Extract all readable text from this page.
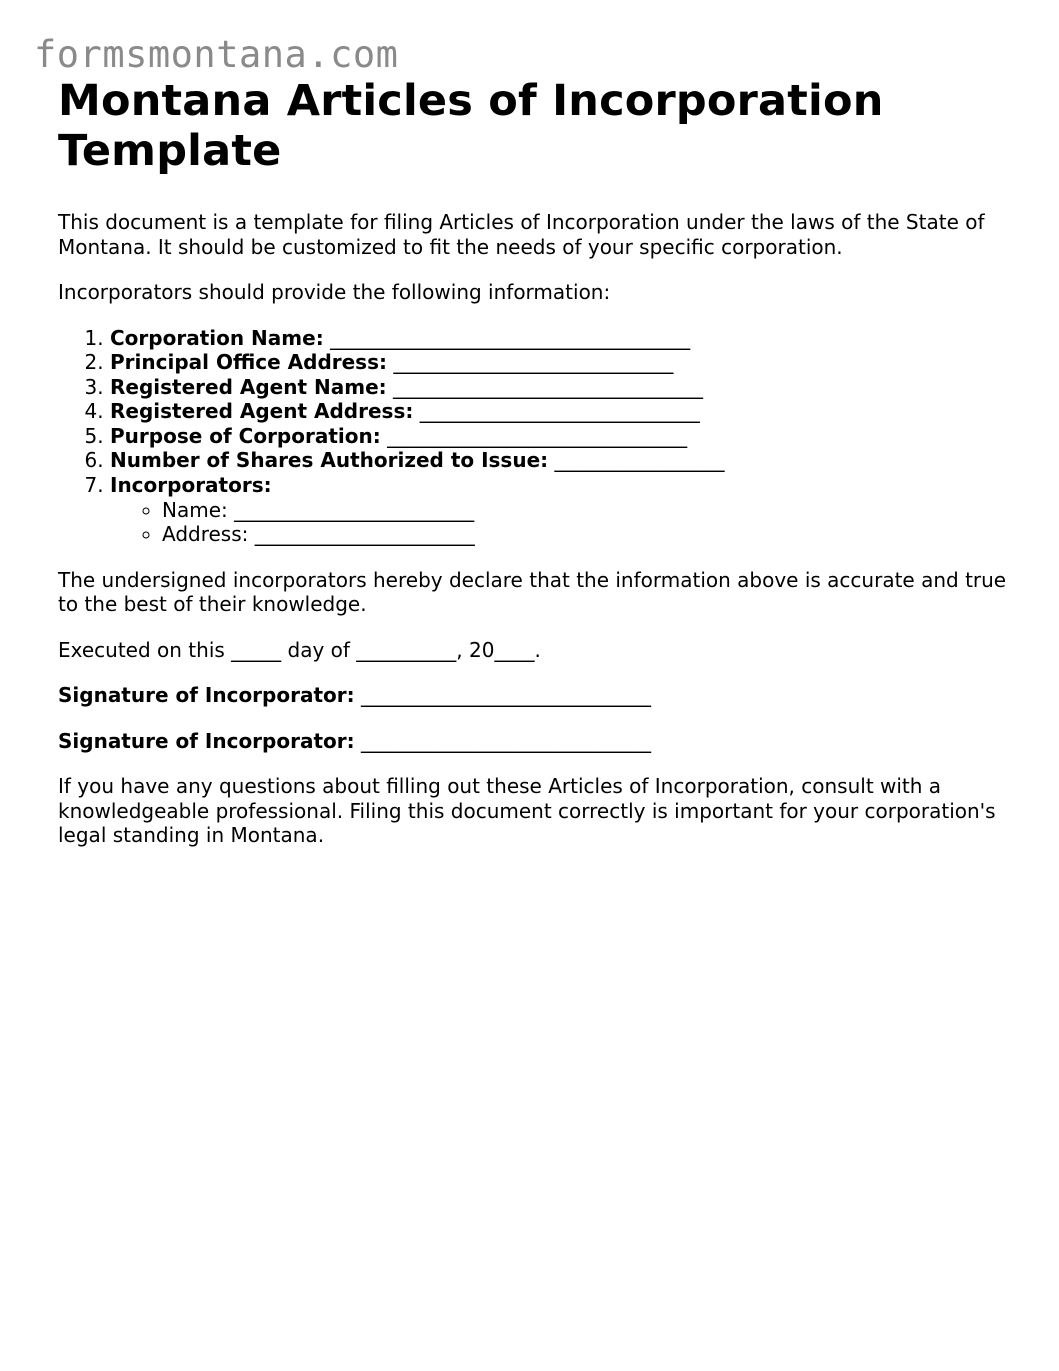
formsmontana.com
Montana Articles of Incorporation Template

This document is a template for filing Articles of Incorporation under the laws of the State of Montana. It should be customized to fit the needs of your specific corporation.

Incorporators should provide the following information:

1. Corporation Name: ____________________________________
2. Principal Office Address: ____________________________
3. Registered Agent Name: _______________________________
4. Registered Agent Address: ____________________________
5. Purpose of Corporation: ______________________________
6. Number of Shares Authorized to Issue: _________________
7. Incorporators:
◦ Name: ________________________
◦ Address: ______________________

The undersigned incorporators hereby declare that the information above is accurate and true to the best of their knowledge.

Executed on this _____ day of __________, 20____.

Signature of Incorporator: _____________________________

Signature of Incorporator: _____________________________

If you have any questions about filling out these Articles of Incorporation, consult with a knowledgeable professional. Filing this document correctly is important for your corporation's legal standing in Montana.
